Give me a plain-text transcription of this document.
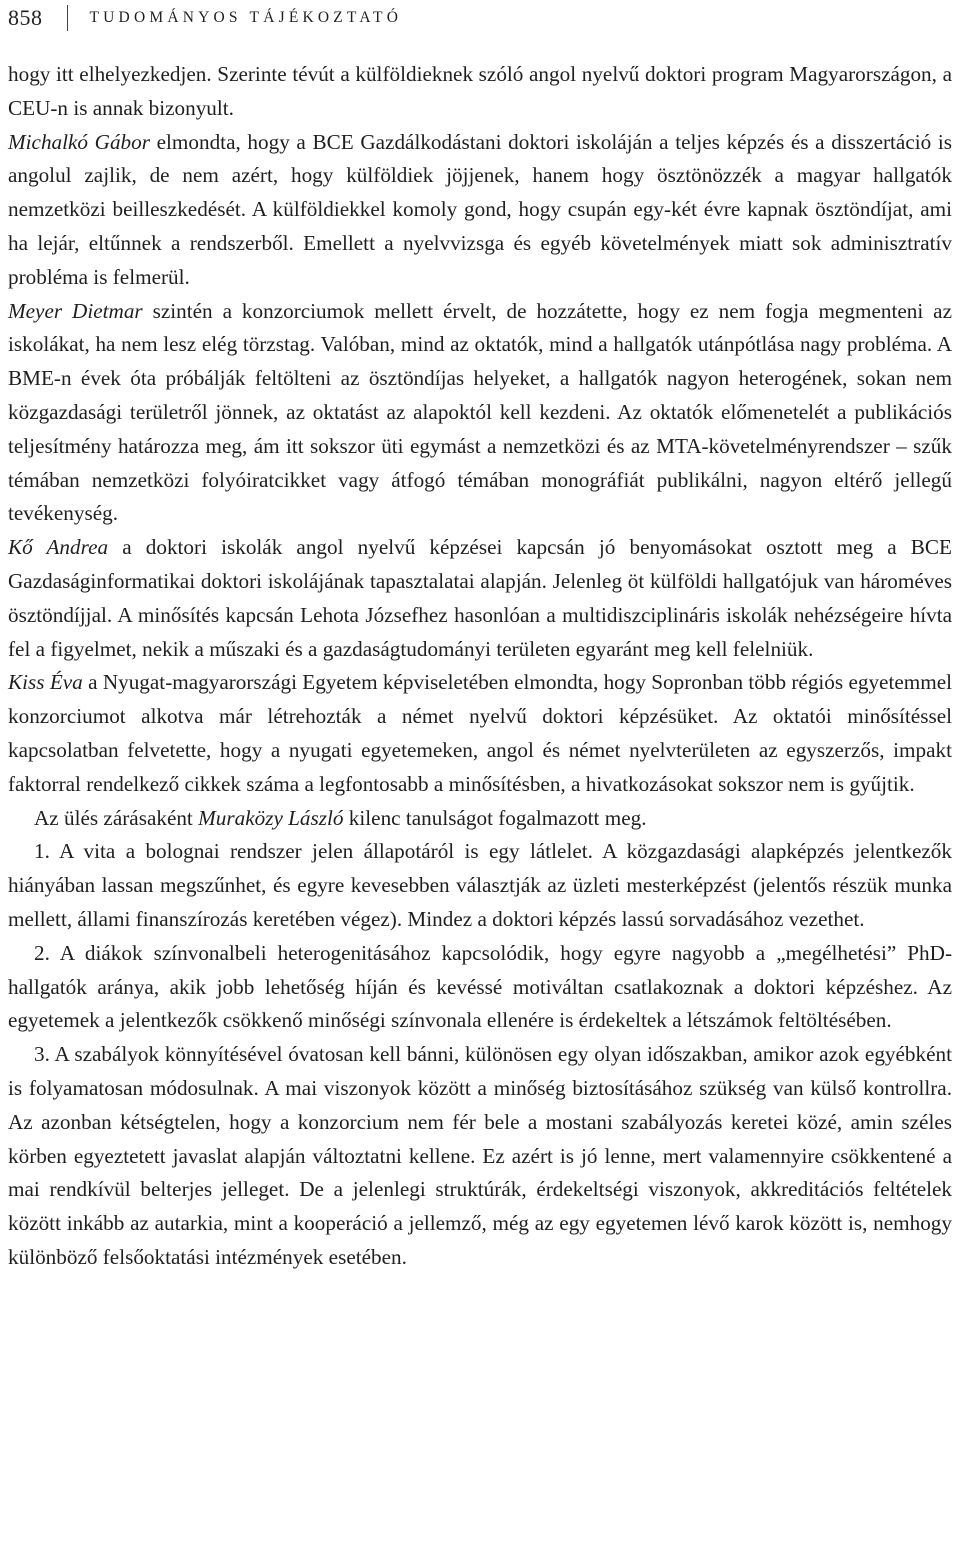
858	TUDOMÁNYOS TÁJÉKOZTATÓ

hogy itt elhelyezkedjen. Szerinte tévút a külföldieknek szóló angol nyelvű doktori program Magyarországon, a CEU-n is annak bizonyult.

Michalkó Gábor elmondta, hogy a BCE Gazdálkodástani doktori iskoláján a teljes képzés és a disszertáció is angolul zajlik, de nem azért, hogy külföldiek jöjjenek, hanem hogy ösztönözzék a magyar hallgatók nemzetközi beilleszkedését. A külföldiekkel komoly gond, hogy csupán egy-két évre kapnak ösztöndíjat, ami ha lejár, eltűnnek a rendszerből. Emellett a nyelvvizsga és egyéb követelmények miatt sok adminisztratív probléma is felmerül.

Meyer Dietmar szintén a konzorciumok mellett érvelt, de hozzátette, hogy ez nem fogja megmenteni az iskolákat, ha nem lesz elég törzstag. Valóban, mind az oktatók, mind a hallgatók utánpótlása nagy probléma. A BME-n évek óta próbálják feltölteni az ösztöndíjas helyeket, a hallgatók nagyon heterogének, sokan nem közgazdasági területről jönnek, az oktatást az alapoktól kell kezdeni. Az oktatók előmenetelét a publikációs teljesítmény határozza meg, ám itt sokszor üti egymást a nemzetközi és az MTA-követelményrendszer – szűk témában nemzetközi folyóiratcikket vagy átfogó témában monográfiát publikálni, nagyon eltérő jellegű tevékenység.

Kő Andrea a doktori iskolák angol nyelvű képzései kapcsán jó benyomásokat osztott meg a BCE Gazdaságinformatikai doktori iskolájának tapasztalatai alapján. Jelenleg öt külföldi hallgatójuk van hároméves ösztöndíjjal. A minősítés kapcsán Lehota Józsefhez hasonlóan a multidiszciplináris iskolák nehézségeire hívta fel a figyelmet, nekik a műszaki és a gazdaságtudományi területen egyaránt meg kell felelniük.

Kiss Éva a Nyugat-magyarországi Egyetem képviseletében elmondta, hogy Sopronban több régiós egyetemmel konzorciumot alkotva már létrehozták a német nyelvű doktori képzésüket. Az oktatói minősítéssel kapcsolatban felvetette, hogy a nyugati egyetemeken, angol és német nyelvterületen az egyszerzős, impakt faktorral rendelkező cikkek száma a legfontosabb a minősítésben, a hivatkozásokat sokszor nem is gyűjtik.

Az ülés zárásaként Muraközy László kilenc tanulságot fogalmazott meg.

1. A vita a bolognai rendszer jelen állapotáról is egy látlelet. A közgazdasági alapképzés jelentkezők hiányában lassan megszűnhet, és egyre kevesebben választják az üzleti mesterképzést (jelentős részük munka mellett, állami finanszírozás keretében végez). Mindez a doktori képzés lassú sorvadásához vezethet.

2. A diákok színvonalbeli heterogenitásához kapcsolódik, hogy egyre nagyobb a „megélhetési” PhD-hallgatók aránya, akik jobb lehetőség híján és kevéssé motiváltan csatlakoznak a doktori képzéshez. Az egyetemek a jelentkezők csökkenő minőségi színvonala ellenére is érdekeltek a létszámok feltöltésében.

3. A szabályok könnyítésével óvatosan kell bánni, különösen egy olyan időszakban, amikor azok egyébként is folyamatosan módosulnak. A mai viszonyok között a minőség biztosításához szükség van külső kontrollra. Az azonban kétségtelen, hogy a konzorcium nem fér bele a mostani szabályozás keretei közé, amin széles körben egyeztetett javaslat alapján változtatni kellene. Ez azért is jó lenne, mert valamennyire csökkentené a mai rendkívül belterjes jelleget. De a jelenlegi struktúrák, érdekeltségi viszonyok, akkreditációs feltételek között inkább az autarkia, mint a kooperáció a jellemző, még az egy egyetemen lévő karok között is, nemhogy különböző felsőoktatási intézmények esetében.
